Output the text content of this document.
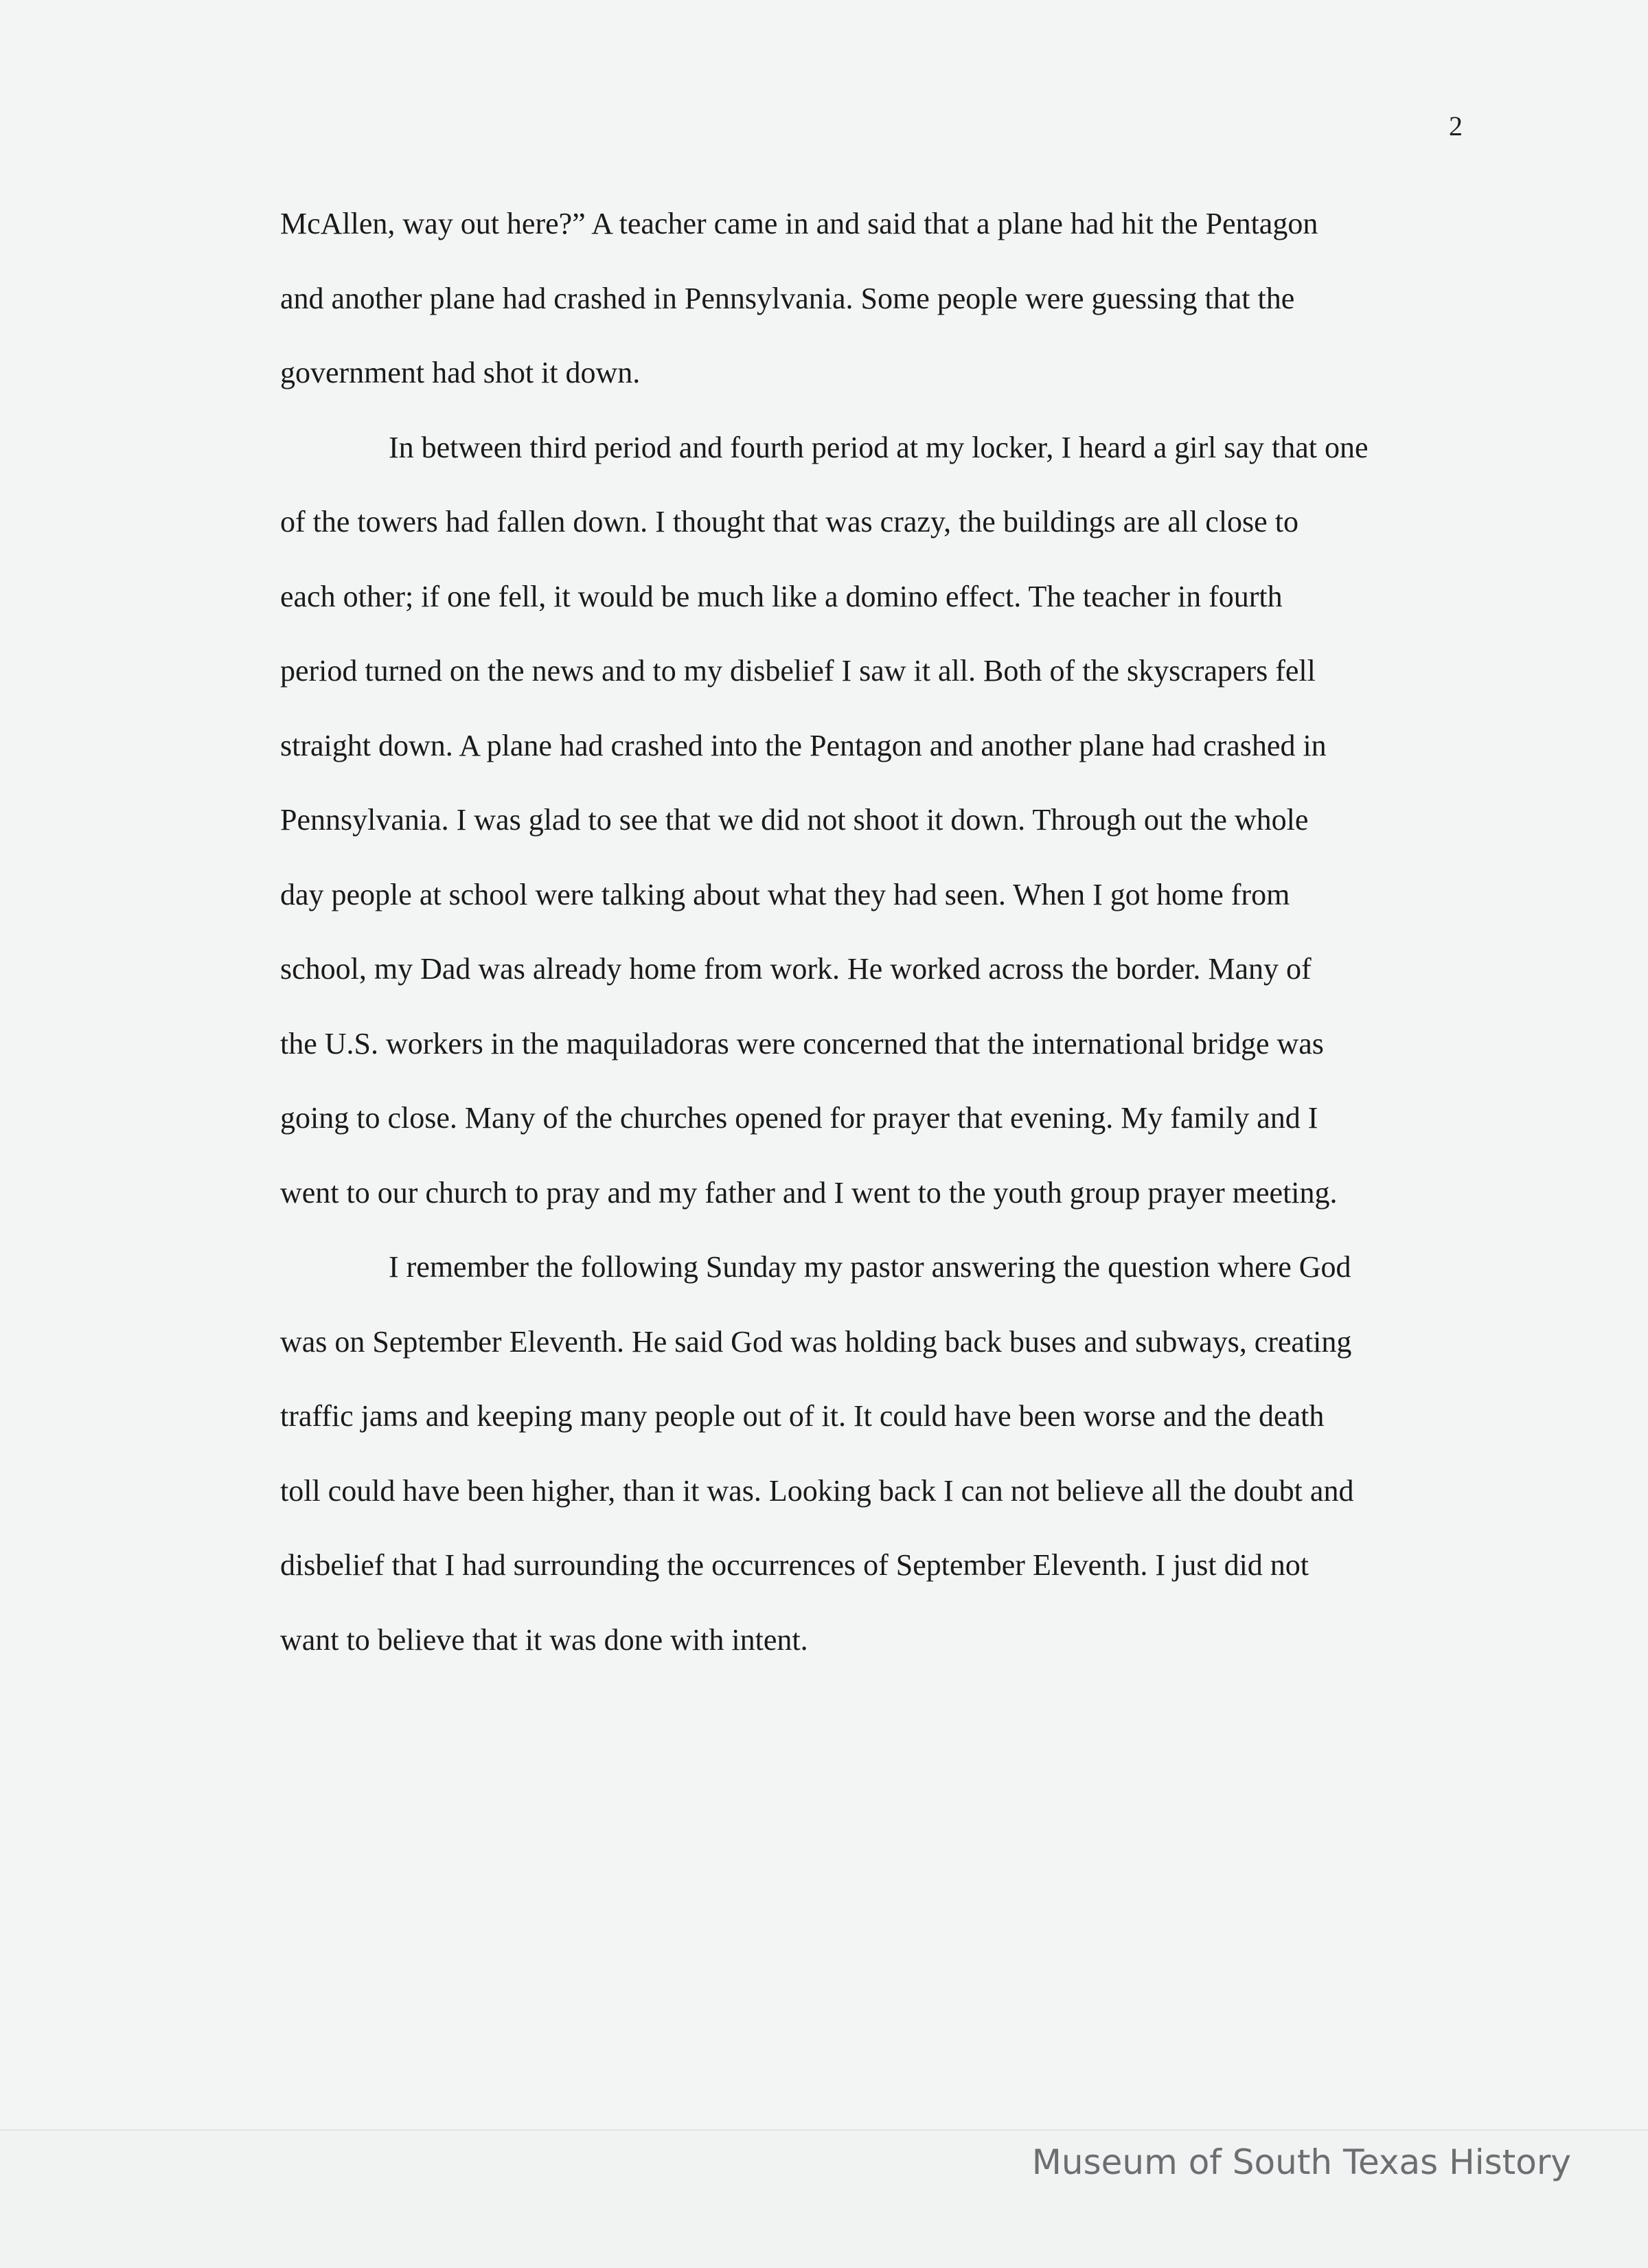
2

McAllen, way out here?” A teacher came in and said that a plane had hit the Pentagon
and another plane had crashed in Pennsylvania. Some people were guessing that the
government had shot it down.
In between third period and fourth period at my locker, I heard a girl say that one
of the towers had fallen down. I thought that was crazy, the buildings are all close to
each other; if one fell, it would be much like a domino effect. The teacher in fourth
period turned on the news and to my disbelief I saw it all. Both of the skyscrapers fell
straight down. A plane had crashed into the Pentagon and another plane had crashed in
Pennsylvania. I was glad to see that we did not shoot it down. Through out the whole
day people at school were talking about what they had seen. When I got home from
school, my Dad was already home from work. He worked across the border. Many of
the U.S. workers in the maquiladoras were concerned that the international bridge was
going to close. Many of the churches opened for prayer that evening. My family and I
went to our church to pray and my father and I went to the youth group prayer meeting.
I remember the following Sunday my pastor answering the question where God
was on September Eleventh. He said God was holding back buses and subways, creating
traffic jams and keeping many people out of it. It could have been worse and the death
toll could have been higher, than it was. Looking back I can not believe all the doubt and
disbelief that I had surrounding the occurrences of September Eleventh. I just did not
want to believe that it was done with intent.

Museum of South Texas History
